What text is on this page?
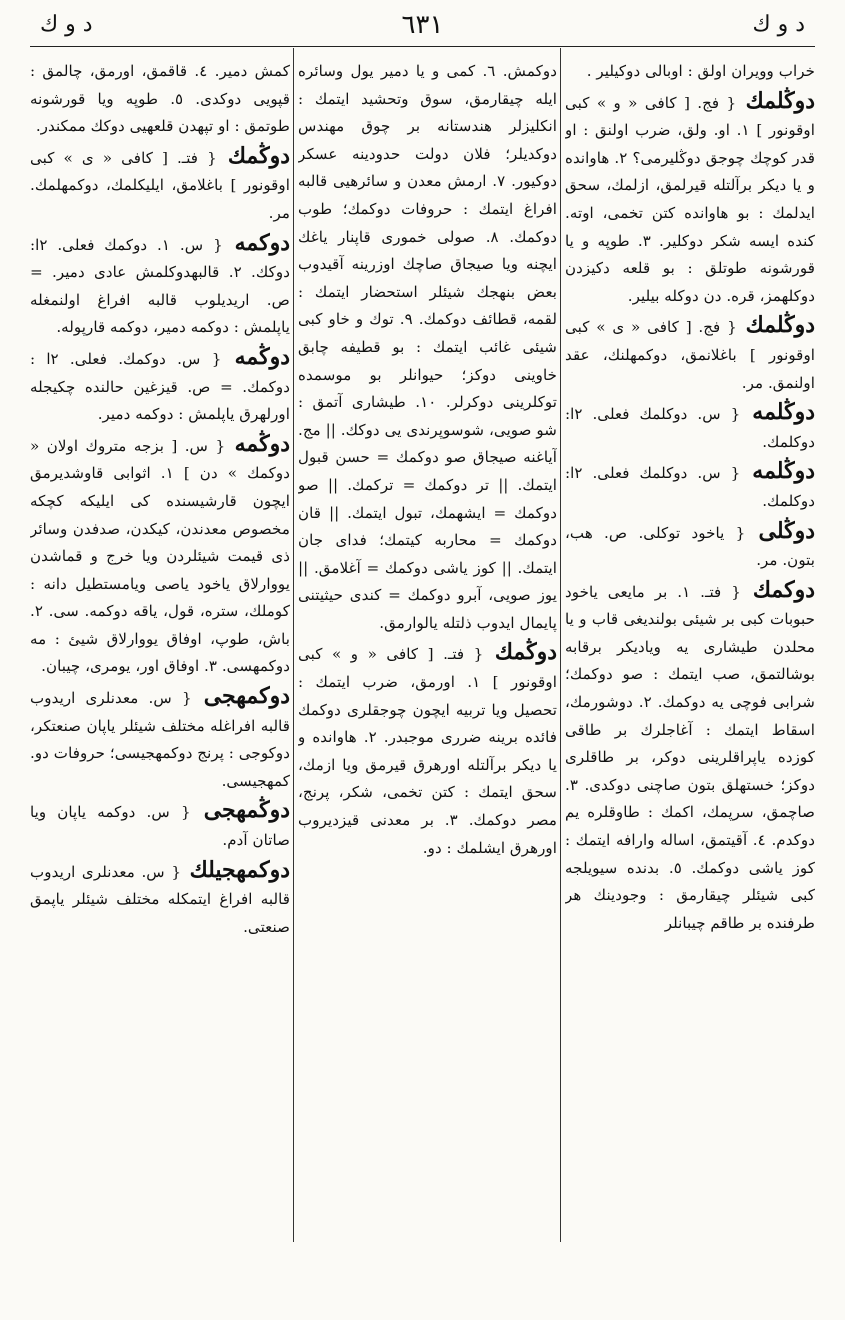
د و ك
٦٣١
د و ك

خراب وویران اولق : اوبالی دوكیلیر .

دوڭلمك { فج. [ كافی « و » كبی اوقونور ] ١. او. ولق، ضرب اولنق : او قدر كوچك چوجق دوڭلیرمی؟ ٢. هاوانده و یا دیكر برآلتله قیرلمق، ازلمك، سحق ایدلمك : بو هاوانده كتن تخمی، اوته. كنده ایسه شكر دوكلیر. ٣. طوپه و یا قورشونه طوتلق : بو قلعه دكیزدن دوكلهمز، قره. دن دوكله بیلیر.

دوڭلمك { فج. [ كافی « ی » كبی اوقونور ] باغلانمق، دوكمهلنك، عقد اولنمق. مر.

دوڭلمه { س. دوكلمك فعلی. ٢ا: دوكلمك.

دوڭلمه { س. دوكلمك فعلی. ٢ا: دوكلمك.

دوڭلی { یاخود توكلی. ص. هب، بتون. مر.

دوكمك { فتـ. ١. بر مایعی یاخود حبوبات كبی بر شیئی بولندیغی قاب و یا محلدن طیشاری یه ویادیكر برقابه بوشالتمق، صب ایتمك : صو دوكمك؛ شرابی فوچی یه دوكمك. ٢. دوشورمك، اسقاط ایتمك : آغاجلرك بر طاقی كوزده یاپراقلرینی دوكر، بر طاقلری دوكز؛ خستهلق بتون صاچنی دوكدی. ٣. صاچمق، سرپمك، اكمك : طاوقلره یم دوكدم. ٤. آقیتمق، اساله وارافه ایتمك : كوز یاشی دوكمك. ٥. بدنده سیویلجه كبی شیئلر چیقارمق : وجودینك هر طرفنده بر طاقم چیبانلر

دوكمش. ٦. كمی و یا دمیر یول وسائره ایله چیقارمق، سوق وتحشید ایتمك : انكلیزلر هندستانه بر چوق مهندس دوكدیلر؛ فلان دولت حدودینه عسكر دوكیور. ٧. ارمش معدن و سائرهیی قالبه افراغ ایتمك : حروفات دوكمك؛ طوب دوكمك. ٨. صولی خموری قاپنار یاغك ایچنه ویا صیجاق صاچك اوزرینه آقیدوب بعض بنهجك شیئلر استحضار ایتمك : لقمه، قطائف دوكمك. ٩. توك و خاو كبی شیئی غائب ایتمك : بو قطیفه چابق خاوینی دوكز؛ حیوانلر بو موسمده توكلرینی دوكرلر. ١٠. طیشاری آتمق : شو صویی، شوسوپرندی یی دوكك. || مج. آیاغنه صیجاق صو دوكمك = حسن قبول ایتمك. || تر دوكمك = تركمك. || صو دوكمك = ایشهمك، تبول ایتمك. || قان دوكمك = محاربه كیتمك؛ فدای جان ایتمك. || كوز یاشی دوكمك = آغلامق. || یوز صویی، آبرو دوكمك = كندی حیثیتنی پایمال ایدوب ذلتله یالوارمق.

دوڭمك { فتـ. [ كافی « و » كبی اوقونور ] ١. اورمق، ضرب ایتمك : تحصیل ویا تربیه ایچون چوجقلری دوكمك فائده برینه ضرری موجبدر. ٢. هاوانده و یا دیكر برآلتله اورهرق قیرمق ویا ازمك، سحق ایتمك : كتن تخمی، شكر، پرنج، مصر دوكمك. ٣. بر معدنی قیزدیروب اورهرق ایشلمك : دو.

كمش دمیر. ٤. قاقمق، اورمق، چالمق : قپویی دوكدی. ٥. طوپه ویا قورشونه طوتمق : او تپهدن قلعهیی دوكك ممكندر.

دوڭمك { فتـ. [ كافی « ی » كبی اوقونور ] باغلامق، ایلیكلمك، دوكمهلمك. مر.

دوكمه { س. ١. دوكمك فعلی. ٢ا: دوكك. ٢. قالبهدوكلمش عادی دمیر. = ص. اریدیلوب قالبه افراغ اولنمغله یاپلمش : دوكمه دمیر، دوكمه قارپوله.

دوڭمه { س. دوكمك. فعلی. ٢ا : دوكمك. = ص. قیزغین حالنده چكیجله اورلهرق یاپلمش : دوكمه دمیر.

دوڭمه { س. [ بزجه متروك اولان « دوكمك » دن ] ١. اثوابی قاوشدیرمق ایچون قارشیسنده كی ایلیكه كچكه مخصوص معدندن، كیكدن، صدفدن وسائر ذی قیمت شیئلردن ویا خرج و قماشدن یووارلاق یاخود یاصی ویامستطیل دانه : كوملك، ستره، قول، یاقه دوكمه. سی. ٢. باش، طوپ، اوفاق یووارلاق شیئ : مه دوكمهسی. ٣. اوفاق اور، یومری، چیبان.

دوكمهجی { س. معدنلری اریدوب قالبه افراغله مختلف شیئلر یاپان صنعتكر، دوكوجی : پرنج دوكمهجیسی؛ حروفات دو. كمهجیسی.

دوڭمهجی { س. دوكمه یاپان ویا صاتان آدم.

دوكمهجیلك { س. معدنلری اریدوب قالبه افراغ ایتمكله مختلف شیئلر یاپمق صنعتی.
